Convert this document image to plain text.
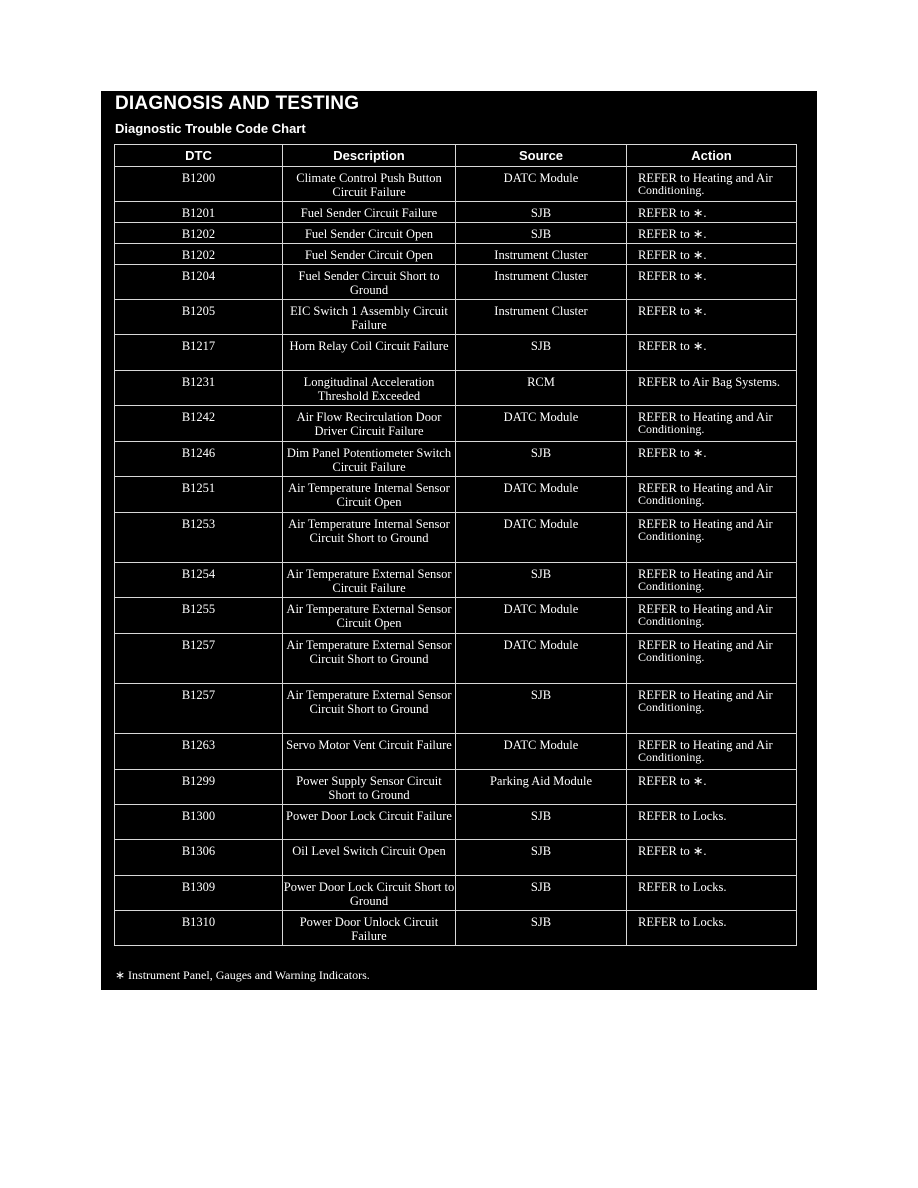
DIAGNOSIS AND TESTING
Diagnostic Trouble Code Chart
DTC	Description	Source	Action
B1200	Climate Control Push Button Circuit Failure	DATC Module	REFER to Heating and Air
Conditioning.

B1201	Fuel Sender Circuit Failure	SJB	REFER to ∗.
B1202	Fuel Sender Circuit Open	SJB	REFER to ∗.
B1202	Fuel Sender Circuit Open	Instrument Cluster	REFER to ∗.
B1204	Fuel Sender Circuit Short to Ground	Instrument Cluster	REFER to ∗.
B1205	EIC Switch 1 Assembly Circuit Failure	Instrument Cluster	REFER to ∗.
B1217	Horn Relay Coil Circuit Failure	SJB	REFER to ∗.
B1231	Longitudinal Acceleration Threshold Exceeded	RCM	REFER to Air Bag Systems.
B1242	Air Flow Recirculation Door Driver Circuit Failure	DATC Module	REFER to Heating and Air
Conditioning.

B1246	Dim Panel Potentiometer Switch Circuit Failure	SJB	REFER to ∗.
B1251	Air Temperature Internal Sensor Circuit Open	DATC Module	REFER to Heating and Air
Conditioning.

B1253	Air Temperature Internal Sensor Circuit Short to Ground	DATC Module	REFER to Heating and Air
Conditioning.

B1254	Air Temperature External Sensor Circuit Failure	SJB	REFER to Heating and Air
Conditioning.

B1255	Air Temperature External Sensor Circuit Open	DATC Module	REFER to Heating and Air
Conditioning.

B1257	Air Temperature External Sensor Circuit Short to Ground	DATC Module	REFER to Heating and Air
Conditioning.

B1257	Air Temperature External Sensor Circuit Short to Ground	SJB	REFER to Heating and Air
Conditioning.

B1263	Servo Motor Vent Circuit Failure	DATC Module	REFER to Heating and Air
Conditioning.

B1299	Power Supply Sensor Circuit Short to Ground	Parking Aid Module	REFER to ∗.
B1300	Power Door Lock Circuit Failure	SJB	REFER to Locks.
B1306	Oil Level Switch Circuit Open	SJB	REFER to ∗.
B1309	Power Door Lock Circuit Short to Ground	SJB	REFER to Locks.
B1310	Power Door Unlock Circuit Failure	SJB	REFER to Locks.
∗ Instrument Panel, Gauges and Warning Indicators.
